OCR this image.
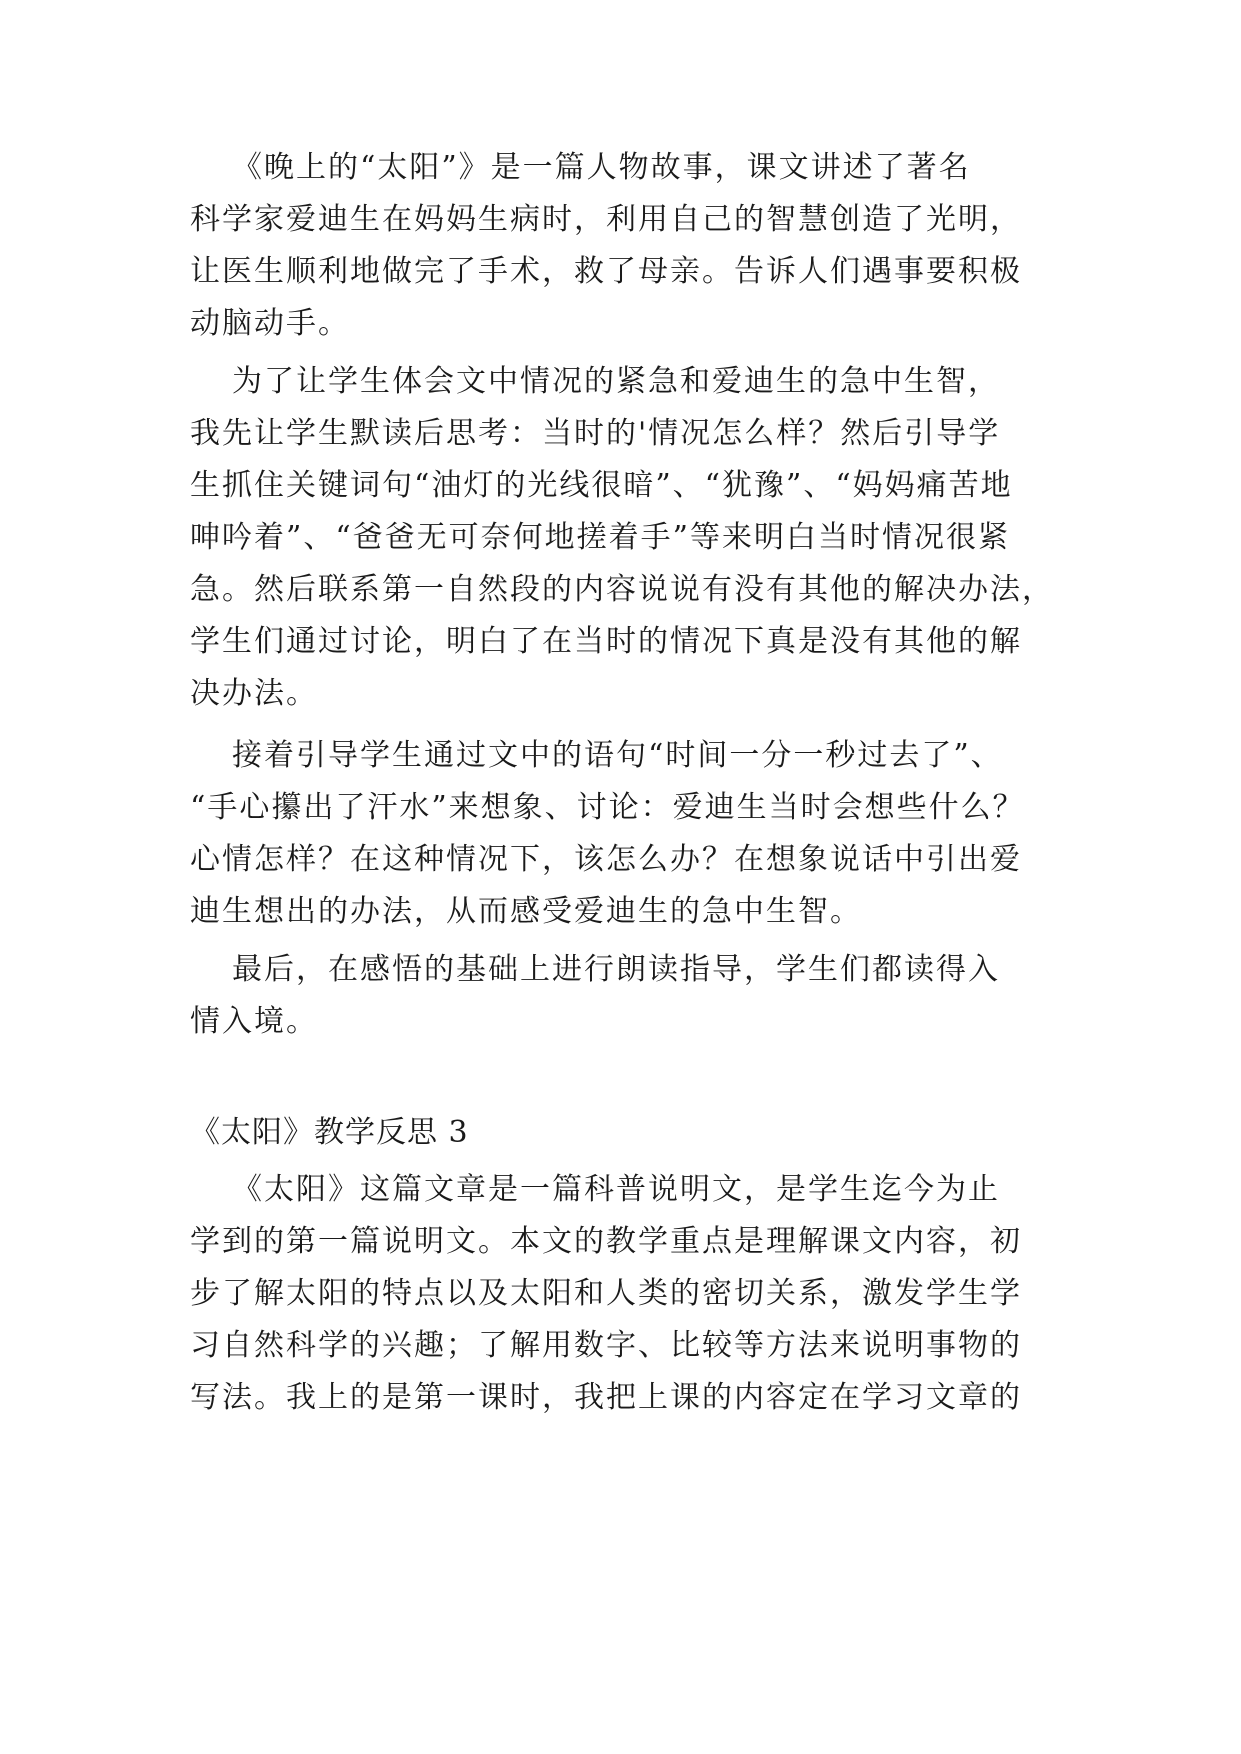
《晚上的“太阳”》是一篇人物故事，课文讲述了著名
科学家爱迪生在妈妈生病时，利用自己的智慧创造了光明，
让医生顺利地做完了手术，救了母亲。告诉人们遇事要积极
动脑动手。
为了让学生体会文中情况的紧急和爱迪生的急中生智，
我先让学生默读后思考：当时的'情况怎么样？然后引导学
生抓住关键词句“油灯的光线很暗”、“犹豫”、“妈妈痛苦地
呻吟着”、“爸爸无可奈何地搓着手”等来明白当时情况很紧
急。然后联系第一自然段的内容说说有没有其他的解决办法，
学生们通过讨论，明白了在当时的情况下真是没有其他的解
决办法。
接着引导学生通过文中的语句“时间一分一秒过去了”、
“手心攥出了汗水”来想象、讨论：爱迪生当时会想些什么？
心情怎样？在这种情况下，该怎么办？在想象说话中引出爱
迪生想出的办法，从而感受爱迪生的急中生智。
最后，在感悟的基础上进行朗读指导，学生们都读得入
情入境。
《太阳》教学反思 3
《太阳》这篇文章是一篇科普说明文，是学生迄今为止
学到的第一篇说明文。本文的教学重点是理解课文内容，初
步了解太阳的特点以及太阳和人类的密切关系，激发学生学
习自然科学的兴趣；了解用数字、比较等方法来说明事物的
写法。我上的是第一课时，我把上课的内容定在学习文章的
